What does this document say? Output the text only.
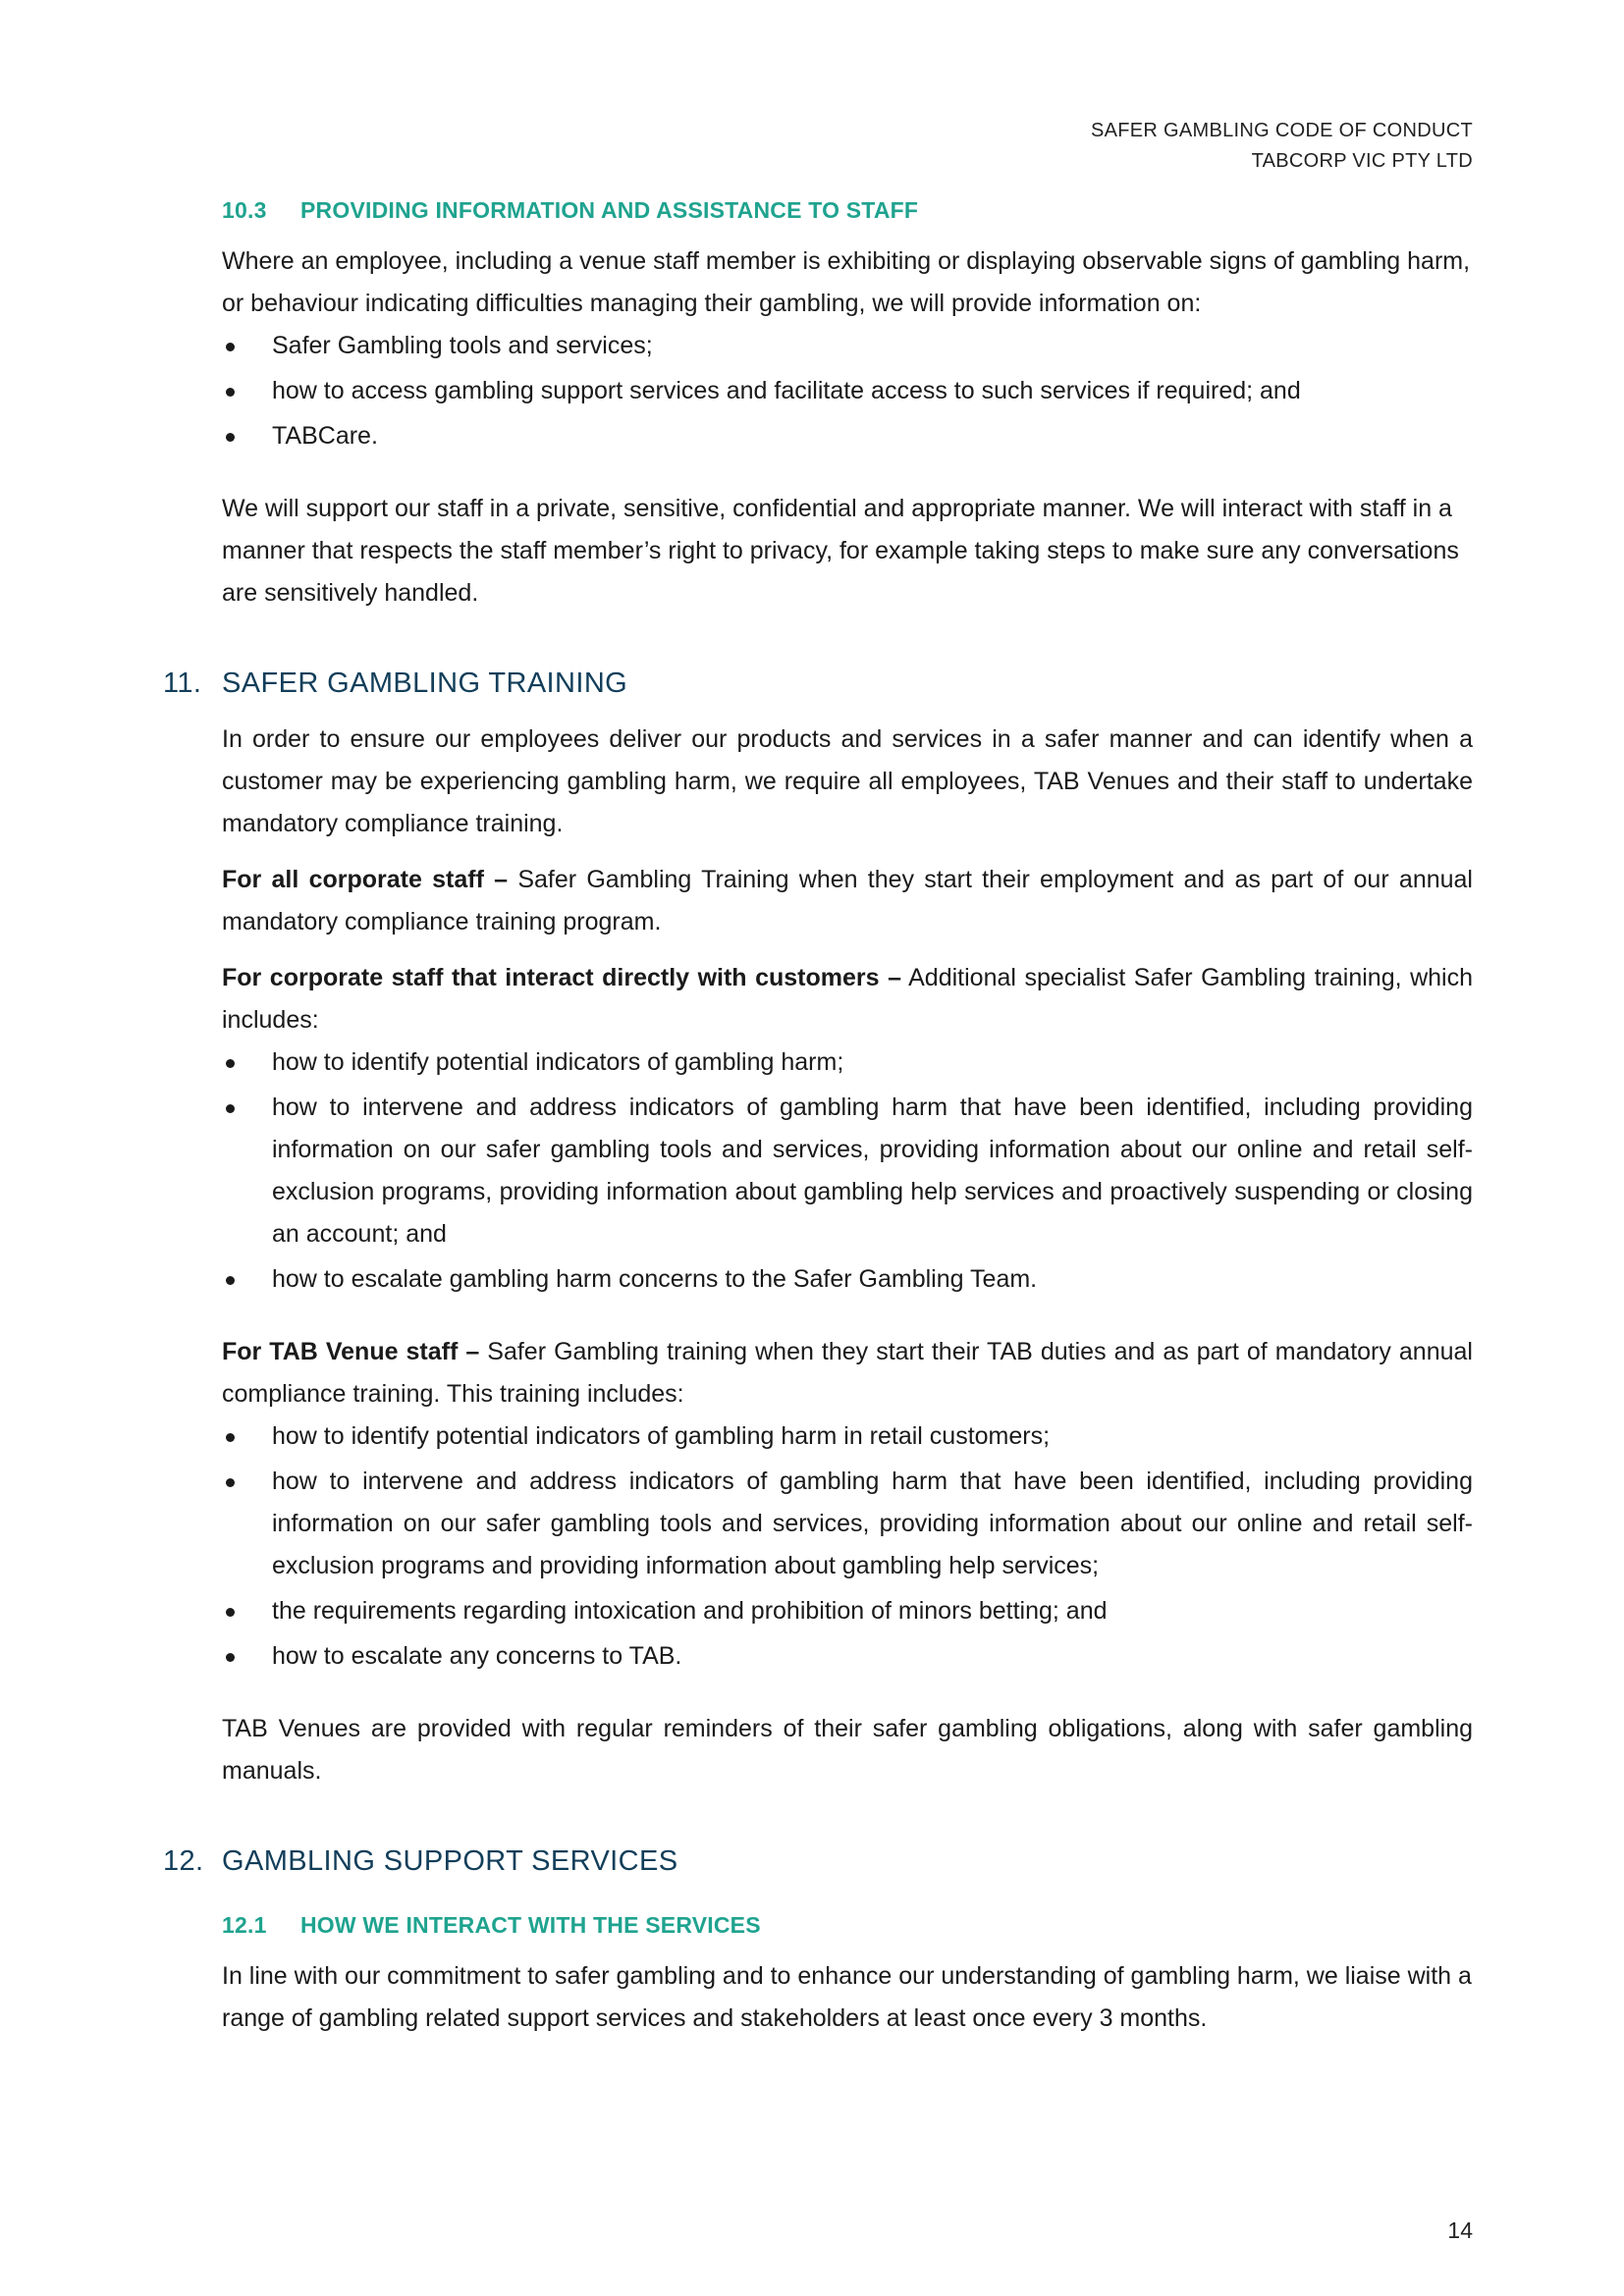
SAFER GAMBLING CODE OF CONDUCT
TABCORP VIC PTY LTD
10.3 PROVIDING INFORMATION AND ASSISTANCE TO STAFF

Where an employee, including a venue staff member is exhibiting or displaying observable signs of gambling harm, or behaviour indicating difficulties managing their gambling, we will provide information on:

Safer Gambling tools and services;
how to access gambling support services and facilitate access to such services if required; and
TABCare.

We will support our staff in a private, sensitive, confidential and appropriate manner. We will interact with staff in a manner that respects the staff member’s right to privacy, for example taking steps to make sure any conversations are sensitively handled.

11. SAFER GAMBLING TRAINING

In order to ensure our employees deliver our products and services in a safer manner and can identify when a customer may be experiencing gambling harm, we require all employees, TAB Venues and their staff to undertake mandatory compliance training.

For all corporate staff – Safer Gambling Training when they start their employment and as part of our annual mandatory compliance training program.

For corporate staff that interact directly with customers – Additional specialist Safer Gambling training, which includes:

how to identify potential indicators of gambling harm;
how to intervene and address indicators of gambling harm that have been identified, including providing information on our safer gambling tools and services, providing information about our online and retail self-exclusion programs, providing information about gambling help services and proactively suspending or closing an account; and
how to escalate gambling harm concerns to the Safer Gambling Team.

For TAB Venue staff – Safer Gambling training when they start their TAB duties and as part of mandatory annual compliance training. This training includes:

how to identify potential indicators of gambling harm in retail customers;
how to intervene and address indicators of gambling harm that have been identified, including providing information on our safer gambling tools and services, providing information about our online and retail self-exclusion programs and providing information about gambling help services;
the requirements regarding intoxication and prohibition of minors betting; and
how to escalate any concerns to TAB.

TAB Venues are provided with regular reminders of their safer gambling obligations, along with safer gambling manuals.

12. GAMBLING SUPPORT SERVICES
12.1 HOW WE INTERACT WITH THE SERVICES

In line with our commitment to safer gambling and to enhance our understanding of gambling harm, we liaise with a range of gambling related support services and stakeholders at least once every 3 months.

14
